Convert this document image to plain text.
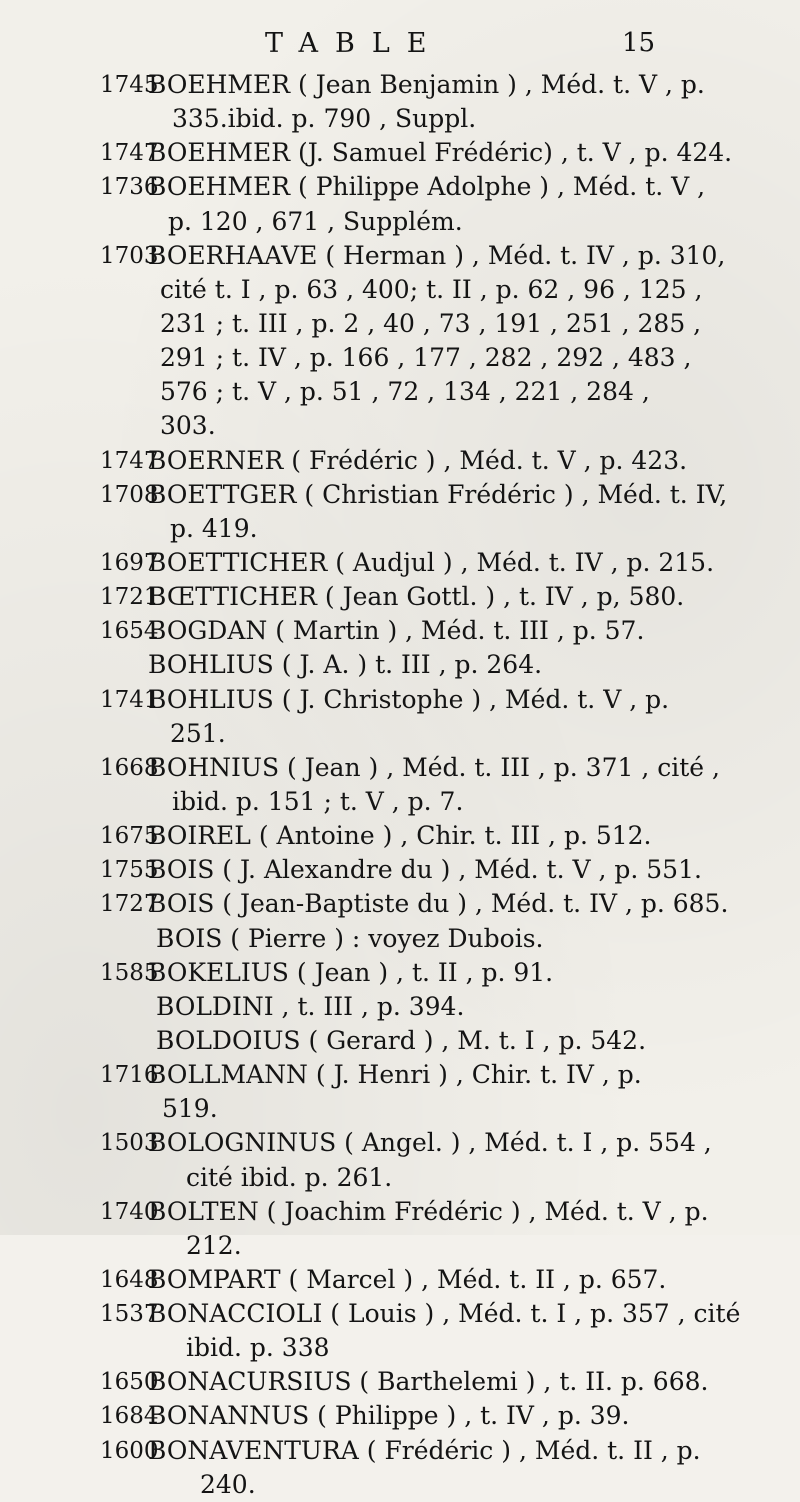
TABLE	15
1745
BOEHMER ( Jean Benjamin ) , Méd. t. V , p.
335.ibid. p. 790 , Suppl.
1747
BOEHMER (J. Samuel Frédéric) , t. V , p. 424.
1736
BOEHMER ( Philippe Adolphe ) , Méd. t. V ,
p. 120 , 671 , Supplém.
1703
BOERHAAVE ( Herman ) , Méd. t. IV , p. 310,
cité t. I , p. 63 , 400; t. II , p. 62 , 96 , 125 ,
231 ; t. III , p. 2 , 40 , 73 , 191 , 251 , 285 ,
291 ; t. IV , p. 166 , 177 , 282 , 292 , 483 ,
576 ; t. V , p. 51 , 72 , 134 , 221 , 284 ,
303.
1747
BOERNER ( Frédéric ) , Méd. t. V , p. 423.
1708
BOETTGER ( Christian Frédéric ) , Méd. t. IV,
p. 419.
1697
BOETTICHER ( Audjul ) , Méd. t. IV , p. 215.
1721
BŒTTICHER ( Jean Gottl. ) , t. IV , p, 580.
1654
BOGDAN ( Martin ) , Méd. t. III , p. 57.
BOHLIUS ( J. A. ) t. III , p. 264.
1741
BOHLIUS ( J. Christophe ) , Méd. t. V , p.
251.
1668
BOHNIUS ( Jean ) , Méd. t. III , p. 371 , cité ,
ibid. p. 151 ; t. V , p. 7.
1675
BOIREL ( Antoine ) , Chir. t. III , p. 512.
1755
BOIS ( J. Alexandre du ) , Méd. t. V , p. 551.
1727
BOIS ( Jean-Baptiste du ) , Méd. t. IV , p. 685.
BOIS ( Pierre ) : voyez Dubois.
1585
BOKELIUS ( Jean ) , t. II , p. 91.
BOLDINI , t. III , p. 394.
BOLDOIUS ( Gerard ) , M. t. I , p. 542.
1716
BOLLMANN ( J. Henri ) , Chir. t. IV , p.
519.
1503
BOLOGNINUS ( Angel. ) , Méd. t. I , p. 554 ,
cité ibid. p. 261.
1740
BOLTEN ( Joachim Frédéric ) , Méd. t. V , p.
212.
1648
BOMPART ( Marcel ) , Méd. t. II , p. 657.
1537
BONACCIOLI ( Louis ) , Méd. t. I , p. 357 , cité
ibid. p. 338
1650
BONACURSIUS ( Barthelemi ) , t. II. p. 668.
1684
BONANNUS ( Philippe ) , t. IV , p. 39.
1600
BONAVENTURA ( Frédéric ) , Méd. t. II , p.
240.
